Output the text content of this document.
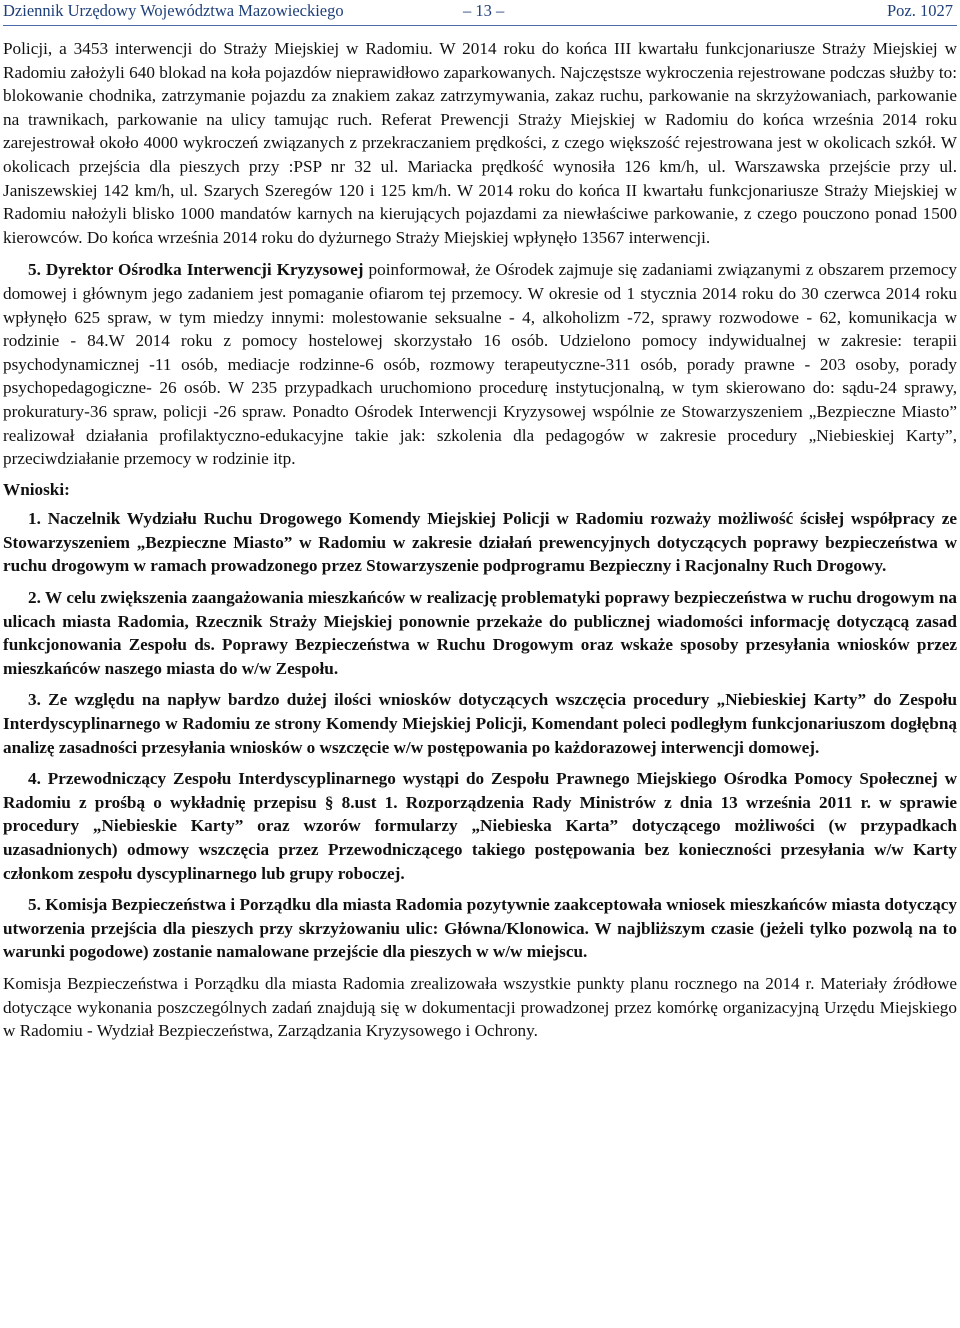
Dziennik Urzędowy Województwa Mazowieckiego	– 13 –	Poz. 1027

Policji, a 3453 interwencji do Straży Miejskiej w Radomiu. W 2014 roku do końca III kwartału funkcjonariusze Straży Miejskiej w Radomiu założyli 640 blokad na koła pojazdów nieprawidłowo zaparkowanych. Najczęstsze wykroczenia rejestrowane podczas służby to: blokowanie chodnika, zatrzymanie pojazdu za znakiem zakaz zatrzymywania, zakaz ruchu, parkowanie na skrzyżowaniach, parkowanie na trawnikach, parkowanie na ulicy tamując ruch. Referat Prewencji Straży Miejskiej w Radomiu do końca września 2014 roku zarejestrował około 4000 wykroczeń związanych z przekraczaniem prędkości, z czego większość rejestrowana jest w okolicach szkół. W okolicach przejścia dla pieszych przy :PSP nr 32 ul. Mariacka prędkość wynosiła 126 km/h, ul. Warszawska przejście przy ul. Janiszewskiej 142 km/h, ul. Szarych Szeregów 120 i 125 km/h. W 2014 roku do końca II kwartału funkcjonariusze Straży Miejskiej w Radomiu nałożyli blisko 1000 mandatów karnych na kierujących pojazdami za niewłaściwe parkowanie, z czego pouczono ponad 1500 kierowców. Do końca września 2014 roku do dyżurnego Straży Miejskiej wpłynęło 13567 interwencji.

5. Dyrektor Ośrodka Interwencji Kryzysowej poinformował, że Ośrodek zajmuje się zadaniami związanymi z obszarem przemocy domowej i głównym jego zadaniem jest pomaganie ofiarom tej przemocy. W okresie od 1 stycznia 2014 roku do 30 czerwca 2014 roku wpłynęło 625 spraw, w tym miedzy innymi: molestowanie seksualne - 4, alkoholizm -72, sprawy rozwodowe - 62, komunikacja w rodzinie - 84.W 2014 roku z pomocy hostelowej skorzystało 16 osób. Udzielono pomocy indywidualnej w zakresie: terapii psychodynamicznej -11 osób, mediacje rodzinne-6 osób, rozmowy terapeutyczne-311 osób, porady prawne - 203 osoby, porady psychopedagogiczne- 26 osób. W 235 przypadkach uruchomiono procedurę instytucjonalną, w tym skierowano do: sądu-24 sprawy, prokuratury-36 spraw, policji -26 spraw. Ponadto Ośrodek Interwencji Kryzysowej wspólnie ze Stowarzyszeniem „Bezpieczne Miasto” realizował działania profilaktyczno-edukacyjne takie jak: szkolenia dla pedagogów w zakresie procedury „Niebieskiej Karty”, przeciwdziałanie przemocy w rodzinie itp.

Wnioski:

1. Naczelnik Wydziału Ruchu Drogowego Komendy Miejskiej Policji w Radomiu rozważy możliwość ścisłej współpracy ze Stowarzyszeniem „Bezpieczne Miasto” w Radomiu w zakresie działań prewencyjnych dotyczących poprawy bezpieczeństwa w ruchu drogowym w ramach prowadzonego przez Stowarzyszenie podprogramu Bezpieczny i Racjonalny Ruch Drogowy.

2. W celu zwiększenia zaangażowania mieszkańców w realizację problematyki poprawy bezpieczeństwa w ruchu drogowym na ulicach miasta Radomia, Rzecznik Straży Miejskiej ponownie przekaże do publicznej wiadomości informację dotyczącą zasad funkcjonowania Zespołu ds. Poprawy Bezpieczeństwa w Ruchu Drogowym oraz wskaże sposoby przesyłania wniosków przez mieszkańców naszego miasta do w/w Zespołu.

3. Ze względu na napływ bardzo dużej ilości wniosków dotyczących wszczęcia procedury „Niebieskiej Karty” do Zespołu Interdyscyplinarnego w Radomiu ze strony Komendy Miejskiej Policji, Komendant poleci podległym funkcjonariuszom dogłębną analizę zasadności przesyłania wniosków o wszczęcie w/w postępowania po każdorazowej interwencji domowej.

4. Przewodniczący Zespołu Interdyscyplinarnego wystąpi do Zespołu Prawnego Miejskiego Ośrodka Pomocy Społecznej w Radomiu z prośbą o wykładnię przepisu § 8.ust 1. Rozporządzenia Rady Ministrów z dnia 13 września 2011 r. w sprawie procedury „Niebieskie Karty” oraz wzorów formularzy „Niebieska Karta” dotyczącego możliwości (w przypadkach uzasadnionych) odmowy wszczęcia przez Przewodniczącego takiego postępowania bez konieczności przesyłania w/w Karty członkom zespołu dyscyplinarnego lub grupy roboczej.

5. Komisja Bezpieczeństwa i Porządku dla miasta Radomia pozytywnie zaakceptowała wniosek mieszkańców miasta dotyczący utworzenia przejścia dla pieszych przy skrzyżowaniu ulic: Główna/Klonowica. W najbliższym czasie (jeżeli tylko pozwolą na to warunki pogodowe) zostanie namalowane przejście dla pieszych w w/w miejscu.

Komisja Bezpieczeństwa i Porządku dla miasta Radomia zrealizowała wszystkie punkty planu rocznego na 2014 r. Materiały źródłowe dotyczące wykonania poszczególnych zadań znajdują się w dokumentacji prowadzonej przez komórkę organizacyjną Urzędu Miejskiego w Radomiu - Wydział Bezpieczeństwa, Zarządzania Kryzysowego i Ochrony.
